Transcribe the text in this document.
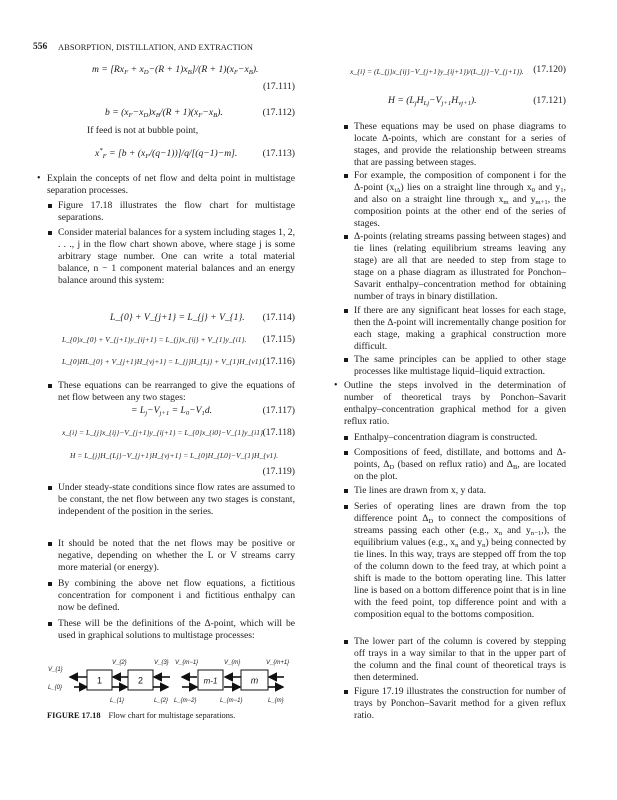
556 ABSORPTION, DISTILLATION, AND EXTRACTION
$m = [Rx_F + x_D-(R + 1)x_B]/(R + 1)(x_F-x_B)$.
(17.111)
$b = (x_F-x_D)x_B/(R + 1)(x_F-x_B)$.	(17.112)
If feed is not at bubble point,
$x^*_F = [b + (x_F/(q-1))]/q/[(q-1)-m]$.	(17.113)
• Explain the concepts of net flow and delta point in multistage separation processes.
Figure 17.18 illustrates the flow chart for multistage separations.
Consider material balances for a system including stages 1, 2, . . ., j in the flow chart shown above, where stage j is some arbitrary stage number. One can write a total material balance, n − 1 component material balances and an energy balance around this system:
L_{0} + V_{j+1} = L_{j} + V_{1}. (17.114)
L_{0}x_{0} + V_{j+1}y_{ij+1} = L_{j}x_{ij} + V_{1}y_{i1}. (17.115)
L_{0}HL_{0} + V_{j+1}H_{vj+1} = L_{j}H_{Lj} + V_{1}H_{v1}. (17.116)
These equations can be rearranged to give the equations of net flow between any two stages:
= $L_j-V_{j+1} = L_0-V_1d$.	(17.117)
x_{i} = L_{j}x_{ij}−V_{j+1}y_{ij+1} = L_{0}x_{i0}−V_{1}y_{i1}.
(17.118)
H = L_{j}H_{Lj}−V_{j+1}H_{vj+1} = L_{0}H_{L0}−V_{1}H_{v1}.
(17.119)
Under steady-state conditions since flow rates are assumed to be constant, the net flow between any two stages is constant, independent of the position in the series.
It should be noted that the net flows may be positive or negative, depending on whether the L or V streams carry more material (or energy).
By combining the above net flow equations, a fictitious concentration for component i and fictitious enthalpy can now be defined.
These will be the definitions of the Δ-point, which will be used in graphical solutions to multistage processes:
1	2	m-1	m
V_{1}
L_{0}
V_{2}	V_{3}
L_{1}	L_{2}
V_{m−1}	V_{m}	V_{m+1}
L_{m−2}	L_{m−1}	L_{m}
FIGURE 17.18 Flow chart for multistage separations.
x_{i} = (L_{j}x_{ij}−V_{j+1}y_{ij+1})/(L_{j}−V_{j+1}). (17.120)
$H = (L_jH_{Lj}-V_{j+1}H_{vj+1})$.	(17.121)
These equations may be used on phase diagrams to locate Δ-points, which are constant for a series of stages, and provide the relationship between streams that are passing between stages.
For example, the composition of component i for the Δ-point $(x_{i\Delta})$ lies on a straight line through $x_0$ and $y_1$, and also on a straight line through $x_m$ and $y_{m+1}$, the composition points at the other end of the series of stages.
Δ-points (relating streams passing between stages) and tie lines (relating equilibrium streams leaving any stage) are all that are needed to step from stage to stage on a phase diagram as illustrated for Ponchon–Savarit enthalpy–concentration method for obtaining number of trays in binary distillation.
If there are any significant heat losses for each stage, then the Δ-point will incrementally change position for each stage, making a graphical construction more difficult.
The same principles can be applied to other stage processes like multistage liquid–liquid extraction.
• Outline the steps involved in the determination of number of theoretical trays by Ponchon–Savarit enthalpy–concentration graphical method for a given reflux ratio.
Enthalpy–concentration diagram is constructed.
Compositions of feed, distillate, and bottoms and Δ-points, $\Delta_D$ (based on reflux ratio) and $\Delta_B$, are located on the plot.
Tie lines are drawn from x, y data.
Series of operating lines are drawn from the top difference point $\Delta_D$ to connect the compositions of streams passing each other (e.g., $x_n$ and $y_{n-1}$,), the equilibrium values (e.g., $x_n$ and $y_n$) being connected by tie lines. In this way, trays are stepped off from the top of the column down to the feed tray, at which point a shift is made to the bottom operating line. This latter line is based on a bottom difference point that is in line with the feed point, top difference point and with a composition equal to the bottoms composition.
The lower part of the column is covered by stepping off trays in a way similar to that in the upper part of the column and the final count of theoretical trays is then determined.
Figure 17.19 illustrates the construction for number of trays by Ponchon–Savarit method for a given reflux ratio.
